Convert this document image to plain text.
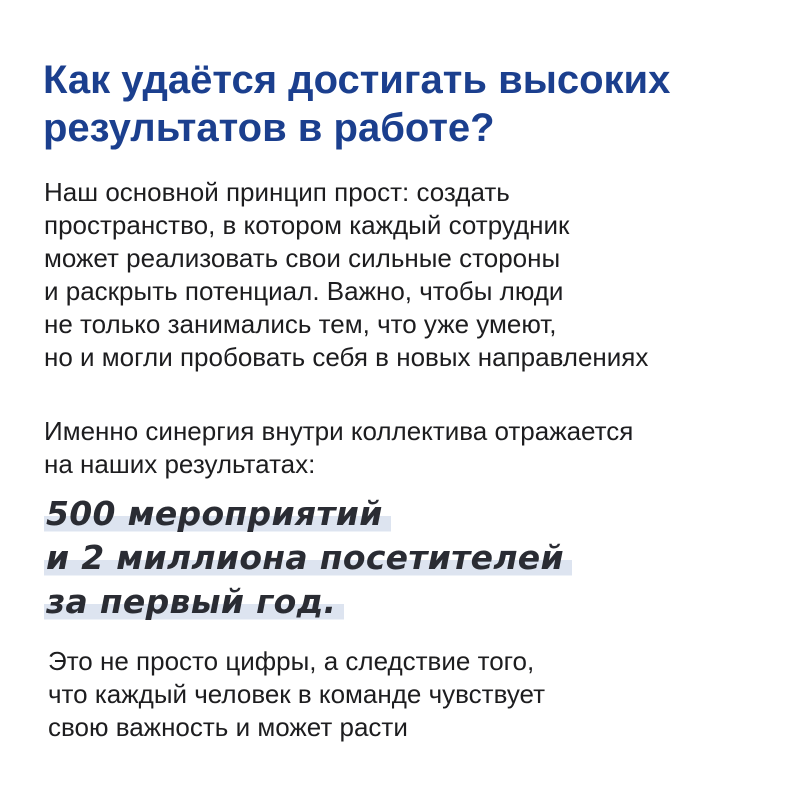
Как удаётся достигать высоких
результатов в работе?

Наш основной принцип прост: создать
пространство, в котором каждый сотрудник
может реализовать свои сильные стороны
и раскрыть потенциал. Важно, чтобы люди
не только занимались тем, что уже умеют,
но и могли пробовать себя в новых направлениях

Именно синергия внутри коллектива отражается
на наших результатах:

500 мероприятий
и 2 миллиона посетителей
за первый год.

Это не просто цифры, а следствие того,
что каждый человек в команде чувствует
свою важность и может расти
